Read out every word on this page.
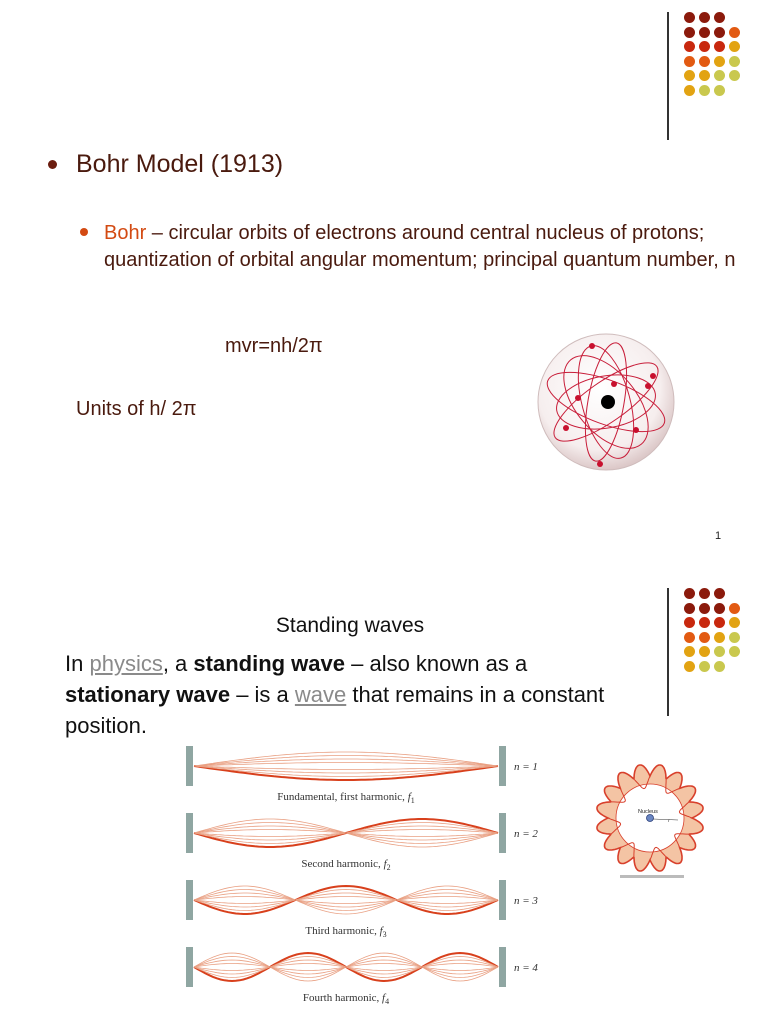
Bohr Model (1913)
Bohr – circular orbits of electrons around central nucleus of protons; quantization of orbital angular momentum; principal quantum number, n
mvr=nh/2π
Units of h/ 2π
1
Standing waves
In physics, a standing wave – also known as a stationary wave – is a wave that remains in a constant position.
n = 1
Fundamental, first harmonic, $f_1$
n = 2
Second harmonic, $f_2$
n = 3
Third harmonic, $f_3$
n = 4
Fourth harmonic, $f_4$
Nucleus
r
